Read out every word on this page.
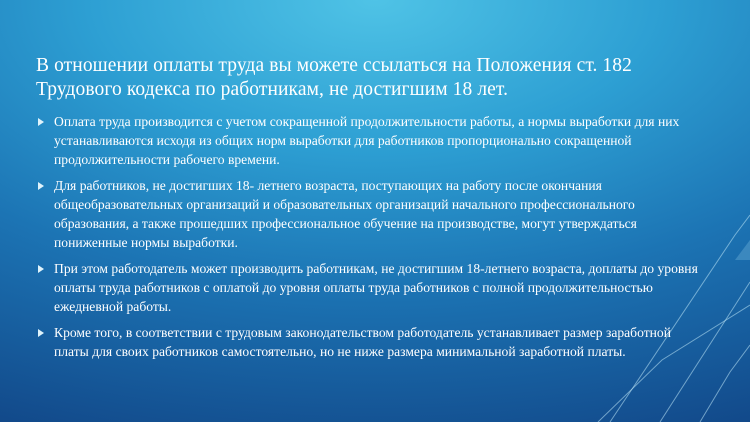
В отношении оплаты труда вы можете ссылаться на Положения ст. 182 Трудового кодекса по работникам, не достигшим 18 лет.
Оплата труда производится с учетом сокращенной продолжительности работы, а нормы выработки для них устанавливаются исходя из общих норм выработки для работников пропорционально сокращенной продолжительности рабочего времени.
Для работников, не достигших 18- летнего возраста, поступающих на работу после окончания общеобразовательных организаций и образовательных организаций начального профессионального образования, а также прошедших профессиональное обучение на производстве, могут утверждаться пониженные нормы выработки.
При этом работодатель может производить работникам, не достигшим 18-летнего возраста, доплаты до уровня оплаты труда работников с оплатой до уровня оплаты труда работников с полной продолжительностью ежедневной работы.
Кроме того, в соответствии с трудовым законодательством работодатель устанавливает размер заработной платы для своих работников самостоятельно, но не ниже размера минимальной заработной платы.
